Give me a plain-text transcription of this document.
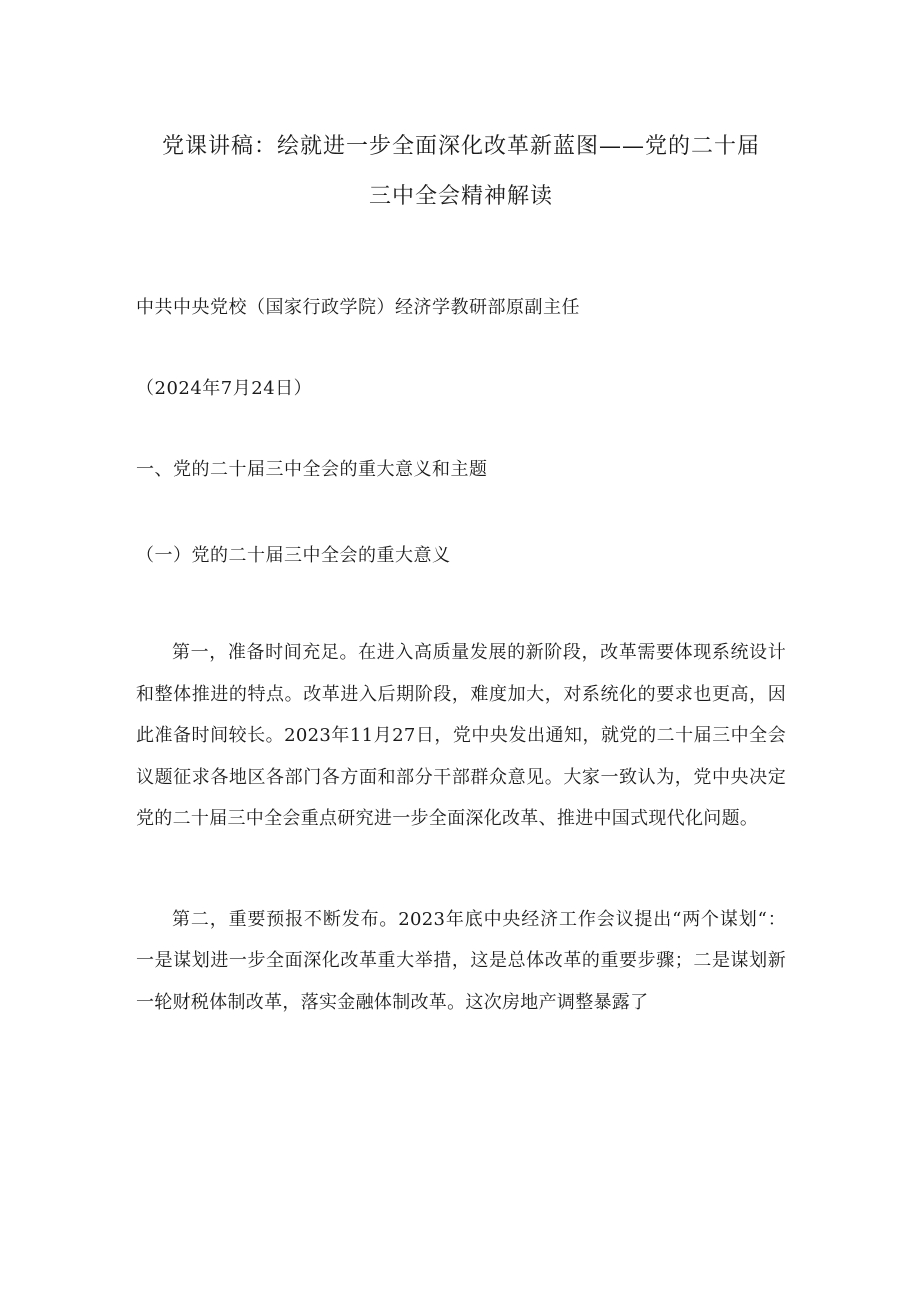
党课讲稿：绘就进一步全面深化改革新蓝图——党的二十届
三中全会精神解读

中共中央党校（国家行政学院）经济学教研部原副主任

（2024年7月24日）

一、党的二十届三中全会的重大意义和主题
（一）党的二十届三中全会的重大意义

第一，准备时间充足。在进入高质量发展的新阶段，改革需要体现系统设计和整体推进的特点。改革进入后期阶段，难度加大，对系统化的要求也更高，因此准备时间较长。2023年11月27日，党中央发出通知，就党的二十届三中全会议题征求各地区各部门各方面和部分干部群众意见。大家一致认为，党中央决定党的二十届三中全会重点研究进一步全面深化改革、推进中国式现代化问题。

第二，重要预报不断发布。2023年底中央经济工作会议提出“两个谋划“：一是谋划进一步全面深化改革重大举措，这是总体改革的重要步骤；二是谋划新一轮财税体制改革，落实金融体制改革。这次房地产调整暴露了
